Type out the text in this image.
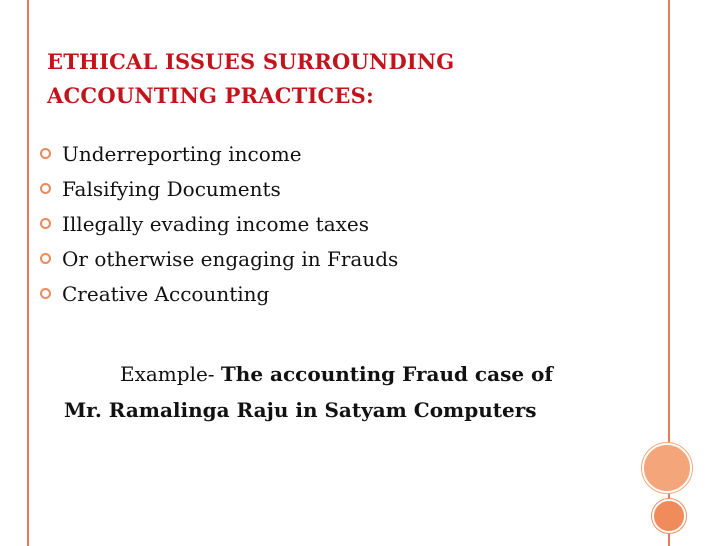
ETHICAL ISSUES SURROUNDING
ACCOUNTING PRACTICES:
Underreporting income
Falsifying Documents
Illegally evading income taxes
Or otherwise engaging in Frauds
Creative Accounting
Example- The accounting Fraud case of
Mr. Ramalinga Raju in Satyam Computers
